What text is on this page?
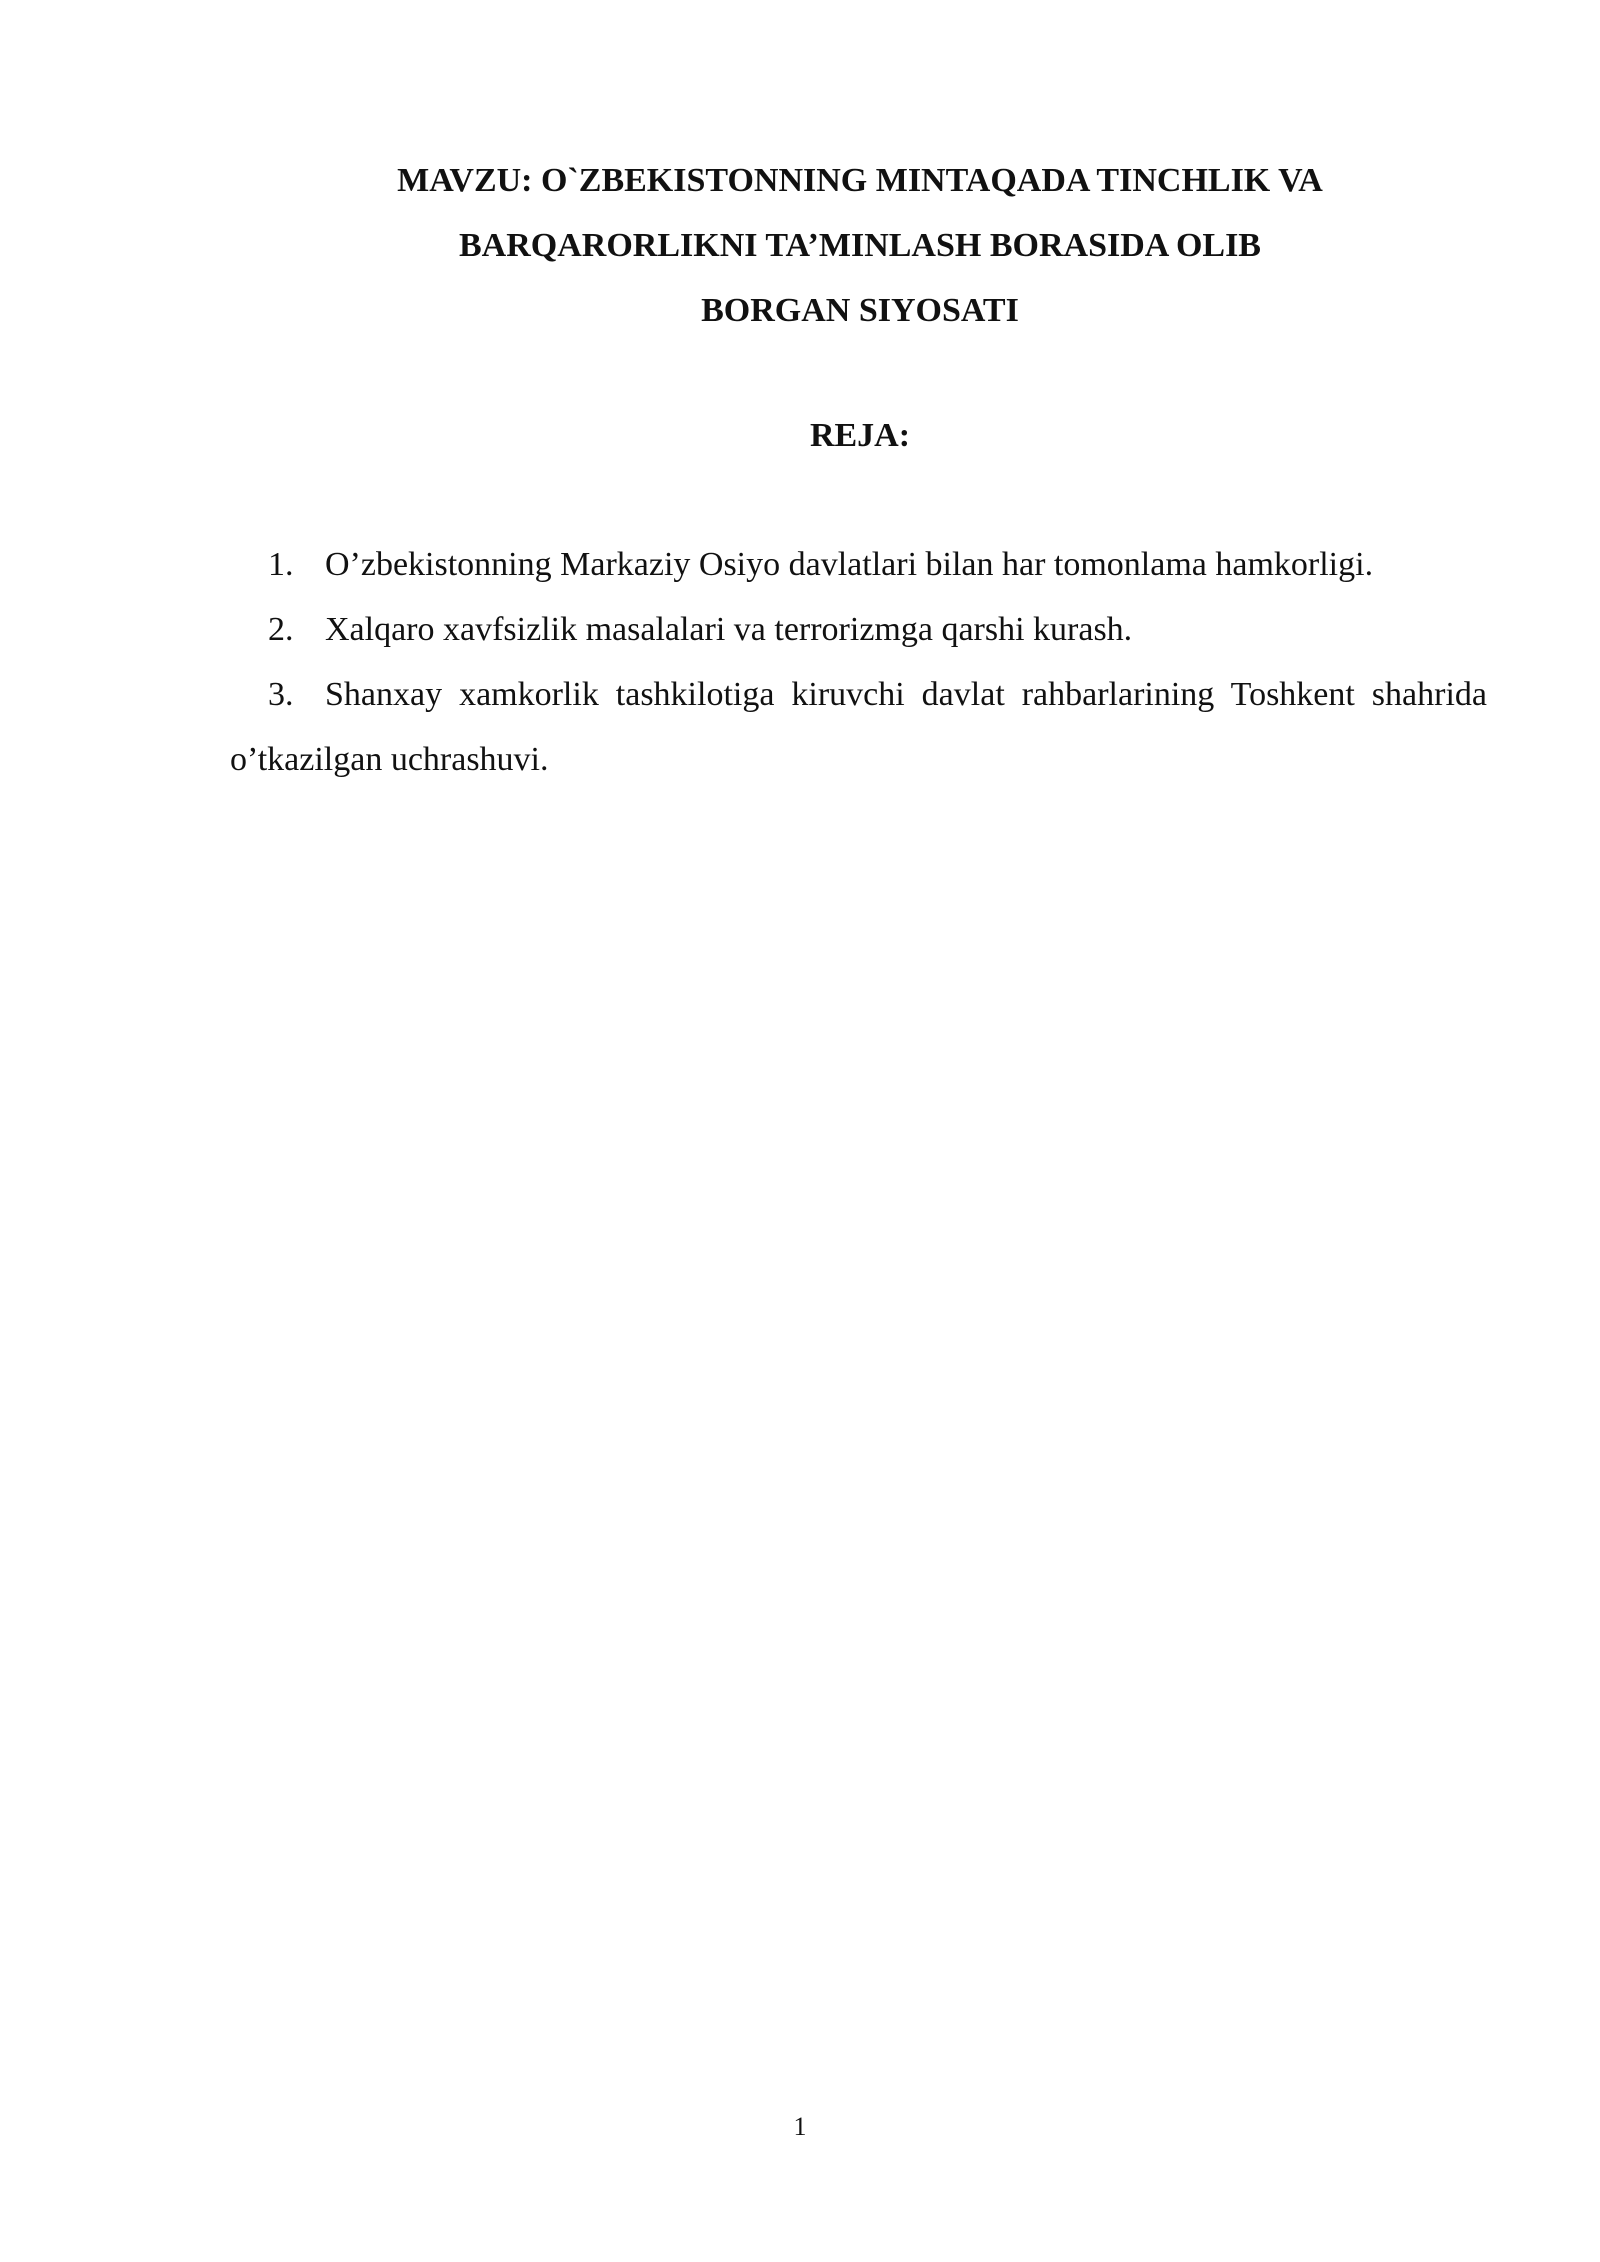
MAVZU: O`ZBEKISTONNING MINTAQADA TINCHLIK VA
BARQARORLIKNI TA’MINLASH BORASIDA OLIB
BORGAN SIYOSATI
REJA:
1. O’zbekistonning Markaziy Osiyo davlatlari bilan har tomonlama hamkorligi.
2. Xalqaro xavfsizlik masalalari va terrorizmga qarshi kurash.
3. Shanxay xamkorlik tashkilotiga kiruvchi davlat rahbarlarining Toshkent shahrida o’tkazilgan uchrashuvi.
1
